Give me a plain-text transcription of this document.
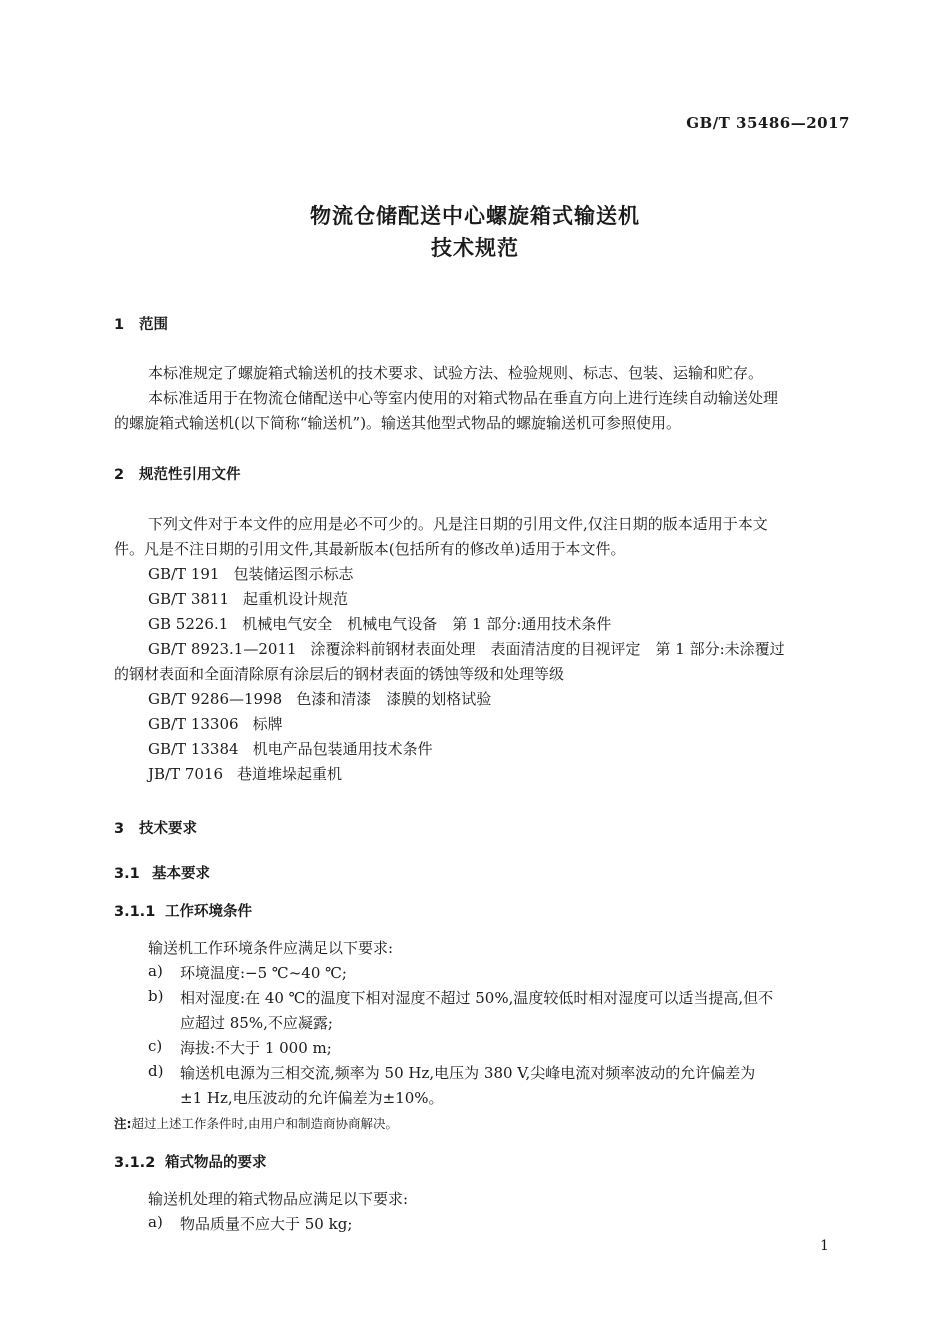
GB/T 35486—2017
物流仓储配送中心螺旋箱式输送机
技术规范
1 范围
本标准规定了螺旋箱式输送机的技术要求、试验方法、检验规则、标志、包装、运输和贮存。
本标准适用于在物流仓储配送中心等室内使用的对箱式物品在垂直方向上进行连续自动输送处理
的螺旋箱式输送机(以下简称“输送机”)。输送其他型式物品的螺旋输送机可参照使用。
2 规范性引用文件
下列文件对于本文件的应用是必不可少的。凡是注日期的引用文件,仅注日期的版本适用于本文
件。凡是不注日期的引用文件,其最新版本(包括所有的修改单)适用于本文件。
GB/T 191 包装储运图示标志
GB/T 3811 起重机设计规范
GB 5226.1 机械电气安全　机械电气设备　第 1 部分:通用技术条件
GB/T 8923.1—2011 涂覆涂料前钢材表面处理　表面清洁度的目视评定　第 1 部分:未涂覆过
的钢材表面和全面清除原有涂层后的钢材表面的锈蚀等级和处理等级
GB/T 9286—1998 色漆和清漆　漆膜的划格试验
GB/T 13306 标牌
GB/T 13384 机电产品包装通用技术条件
JB/T 7016 巷道堆垛起重机
3 技术要求
3.1 基本要求
3.1.1 工作环境条件
输送机工作环境条件应满足以下要求:
a) 环境温度:−5 ℃~40 ℃;
b) 相对湿度:在 40 ℃的温度下相对湿度不超过 50%,温度较低时相对湿度可以适当提高,但不
应超过 85%,不应凝露;
c) 海拔:不大于 1 000 m;
d) 输送机电源为三相交流,频率为 50 Hz,电压为 380 V,尖峰电流对频率波动的允许偏差为
±1 Hz,电压波动的允许偏差为±10%。
注:超过上述工作条件时,由用户和制造商协商解决。
3.1.2 箱式物品的要求
输送机处理的箱式物品应满足以下要求:
a) 物品质量不应大于 50 kg;
1
